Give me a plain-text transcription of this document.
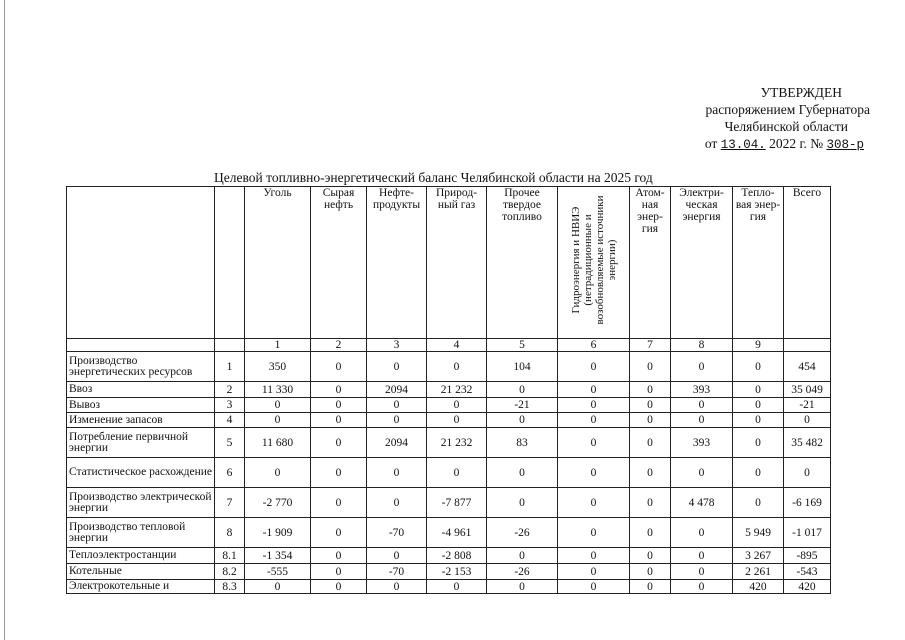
УТВЕРЖДЕН
распоряжением Губернатора
Челябинской области
от 13.04. 2022 г. № 308-р
Целевой топливно-энергетический баланс Челябинской области на 2025 год
		Уголь	Сырая нефть	Нефте-продукты	Природ-ный газ	Прочее твердое топливо	Гидроэнергия и НВИЭ (нетрадиционные и возобновляемые источники энергии)	Атом-ная энер-гия	Электри-ческая энергия	Тепло-вая энер-гия	Всего
		1	2	3	4	5	6	7	8	9	
Производство энергетических ресурсов	1	350	0	0	0	104	0	0	0	0	454
Ввоз	2	11 330	0	2094	21 232	0	0	0	393	0	35 049
Вывоз	3	0	0	0	0	-21	0	0	0	0	-21
Изменение запасов	4	0	0	0	0	0	0	0	0	0	0
Потребление первичной энергии	5	11 680	0	2094	21 232	83	0	0	393	0	35 482
Статистическое расхождение	6	0	0	0	0	0	0	0	0	0	0
Производство электрической энергии	7	-2 770	0	0	-7 877	0	0	0	4 478	0	-6 169
Производство тепловой энергии	8	-1 909	0	-70	-4 961	-26	0	0	0	5 949	-1 017
Теплоэлектростанции	8.1	-1 354	0	0	-2 808	0	0	0	0	3 267	-895
Котельные	8.2	-555	0	-70	-2 153	-26	0	0	0	2 261	-543
Электрокотельные и	8.3	0	0	0	0	0	0	0	0	420	420
